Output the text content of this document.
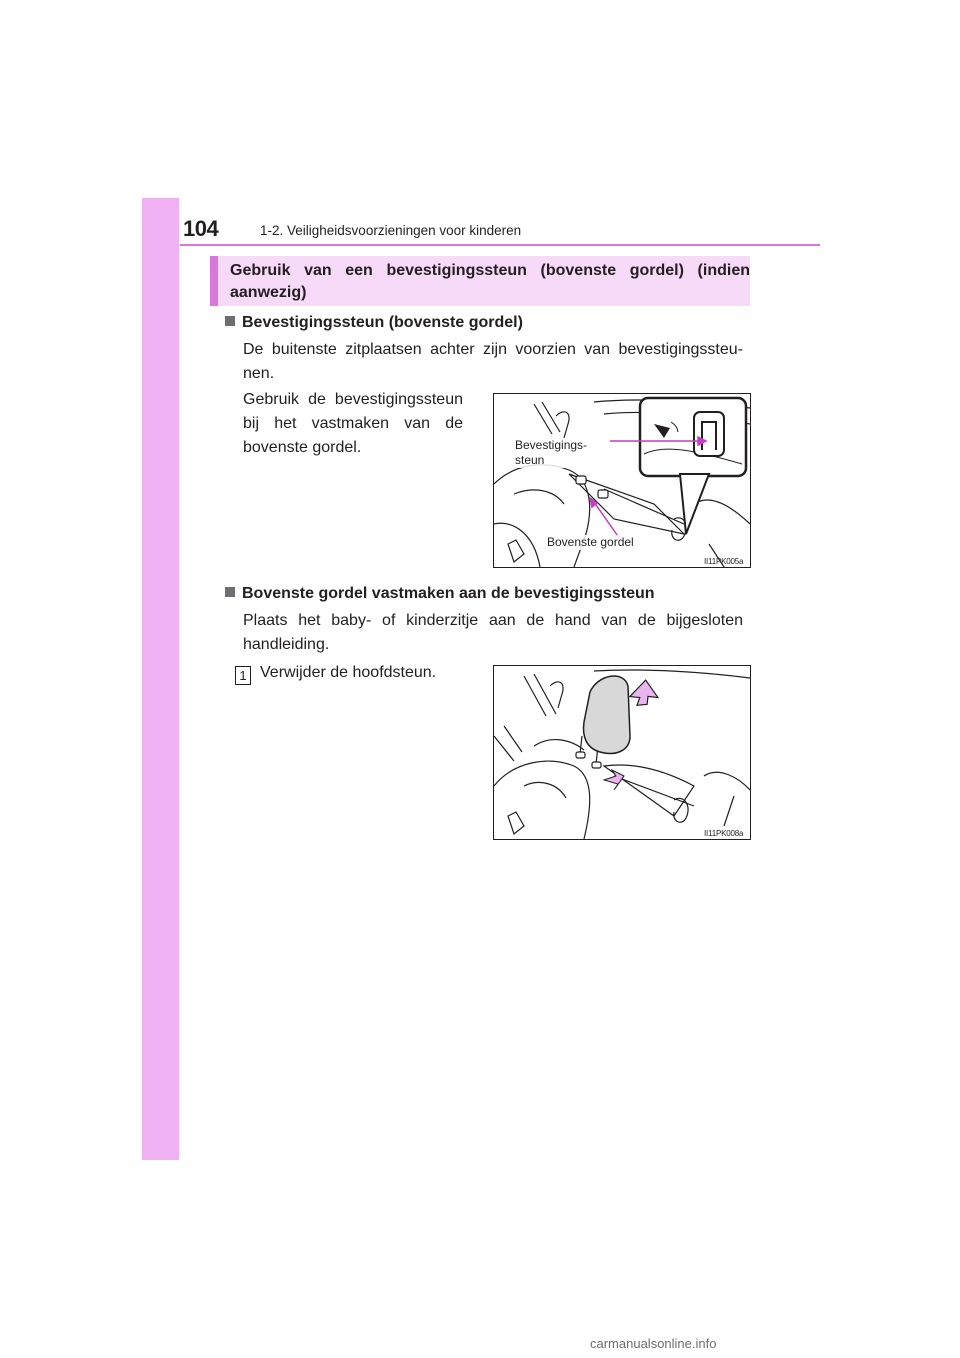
104	1-2. Veiligheidsvoorzieningen voor kinderen
Gebruik van een bevestigingssteun (bovenste gordel) (indien aanwezig)
Bevestigingssteun (bovenste gordel)
De buitenste zitplaatsen achter zijn voorzien van bevestigingssteu-nen.
Gebruik de bevestigingssteun bij het vastmaken van de bovenste gordel.	Bevestigings-
steun
Bovenste gordel
II11PK005a
Bovenste gordel vastmaken aan de bevestigingssteun
Plaats het baby- of kinderzitje aan de hand van de bijgesloten handleiding.
1 Verwijder de hoofdsteun.
II11PK008a
carmanualsonline.info
